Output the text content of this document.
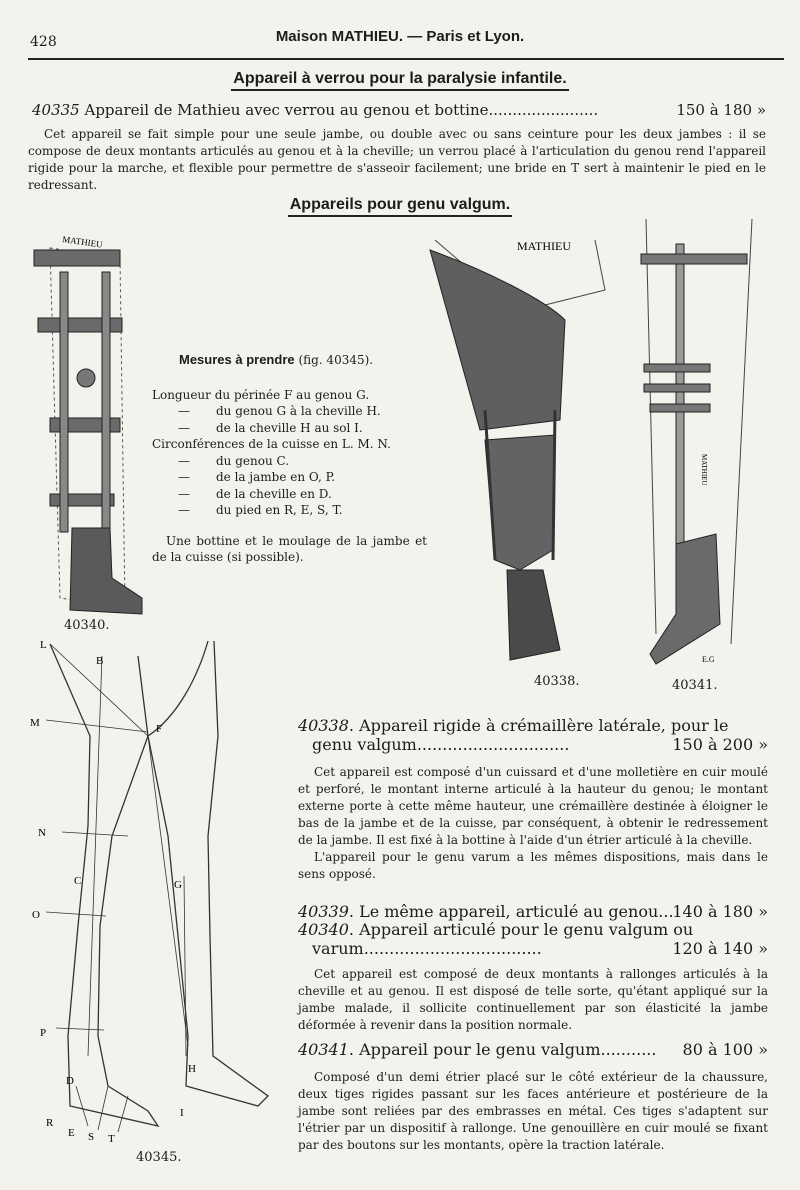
428	Maison MATHIEU. — Paris et Lyon.
Appareil à verrou pour la paralysie infantile.
40335 Appareil de Mathieu avec verrou au genou et bottine.......................	150 à 180 »

Cet appareil se fait simple pour une seule jambe, ou double avec ou sans ceinture pour les deux jambes : il se compose de deux montants articulés au genou et à la cheville; un verrou placé à l'articulation du genou rend l'appareil rigide pour la marche, et flexible pour permettre de s'asseoir facilement; une bride en T sert à maintenir le pied en le redressant.

Appareils pour genu valgum.
MATHIEU
40340.
Mesures à prendre (fig. 40345).
Longueur du périnée F au genou G.
— du genou G à la cheville H.
— de la cheville H au sol I.
Circonférences de la cuisse en L. M. N.
— du genou C.
— de la jambe en O, P.
— de la cheville en D.
— du pied en R, E, S, T.
Une bottine et le moulage de la jambe et de la cuisse (si possible).
MATHIEU
40338.
MATHIEU
E.G
40341.
L
B
M	F
N
C	G
O
P
D
H
R
E S T
I
40345.
40338. Appareil rigide à crémaillère latérale, pour le
genu valgum..............................	150 à 200 »

Cet appareil est composé d'un cuissard et d'une molletière en cuir moulé et perforé, le montant interne articulé à la hauteur du genou; le montant externe porte à cette même hauteur, une crémaillère destinée à éloigner le bas de la jambe et de la cuisse, par conséquent, à obtenir le redressement de la jambe. Il est fixé à la bottine à l'aide d'un étrier articulé à la cheville.

L'appareil pour le genu varum a les mêmes dispositions, mais dans le sens opposé.

40339. Le même appareil, articulé au genou...
140 à 180 »
40340. Appareil articulé pour le genu valgum ou
varum...................................	120 à 140 »

Cet appareil est composé de deux montants à rallonges articulés à la cheville et au genou. Il est disposé de telle sorte, qu'étant appliqué sur la jambe malade, il sollicite continuellement par son élasticité la jambe déformée à revenir dans la position normale.

40341. Appareil pour le genu valgum........... 80 à 100 »

Composé d'un demi étrier placé sur le côté extérieur de la chaussure, deux tiges rigides passant sur les faces antérieure et postérieure de la jambe sont reliées par des embrasses en métal. Ces tiges s'adaptent sur l'étrier par un dispositif à rallonge. Une genouillère en cuir moulé se fixant par des boutons sur les montants, opère la traction latérale.
